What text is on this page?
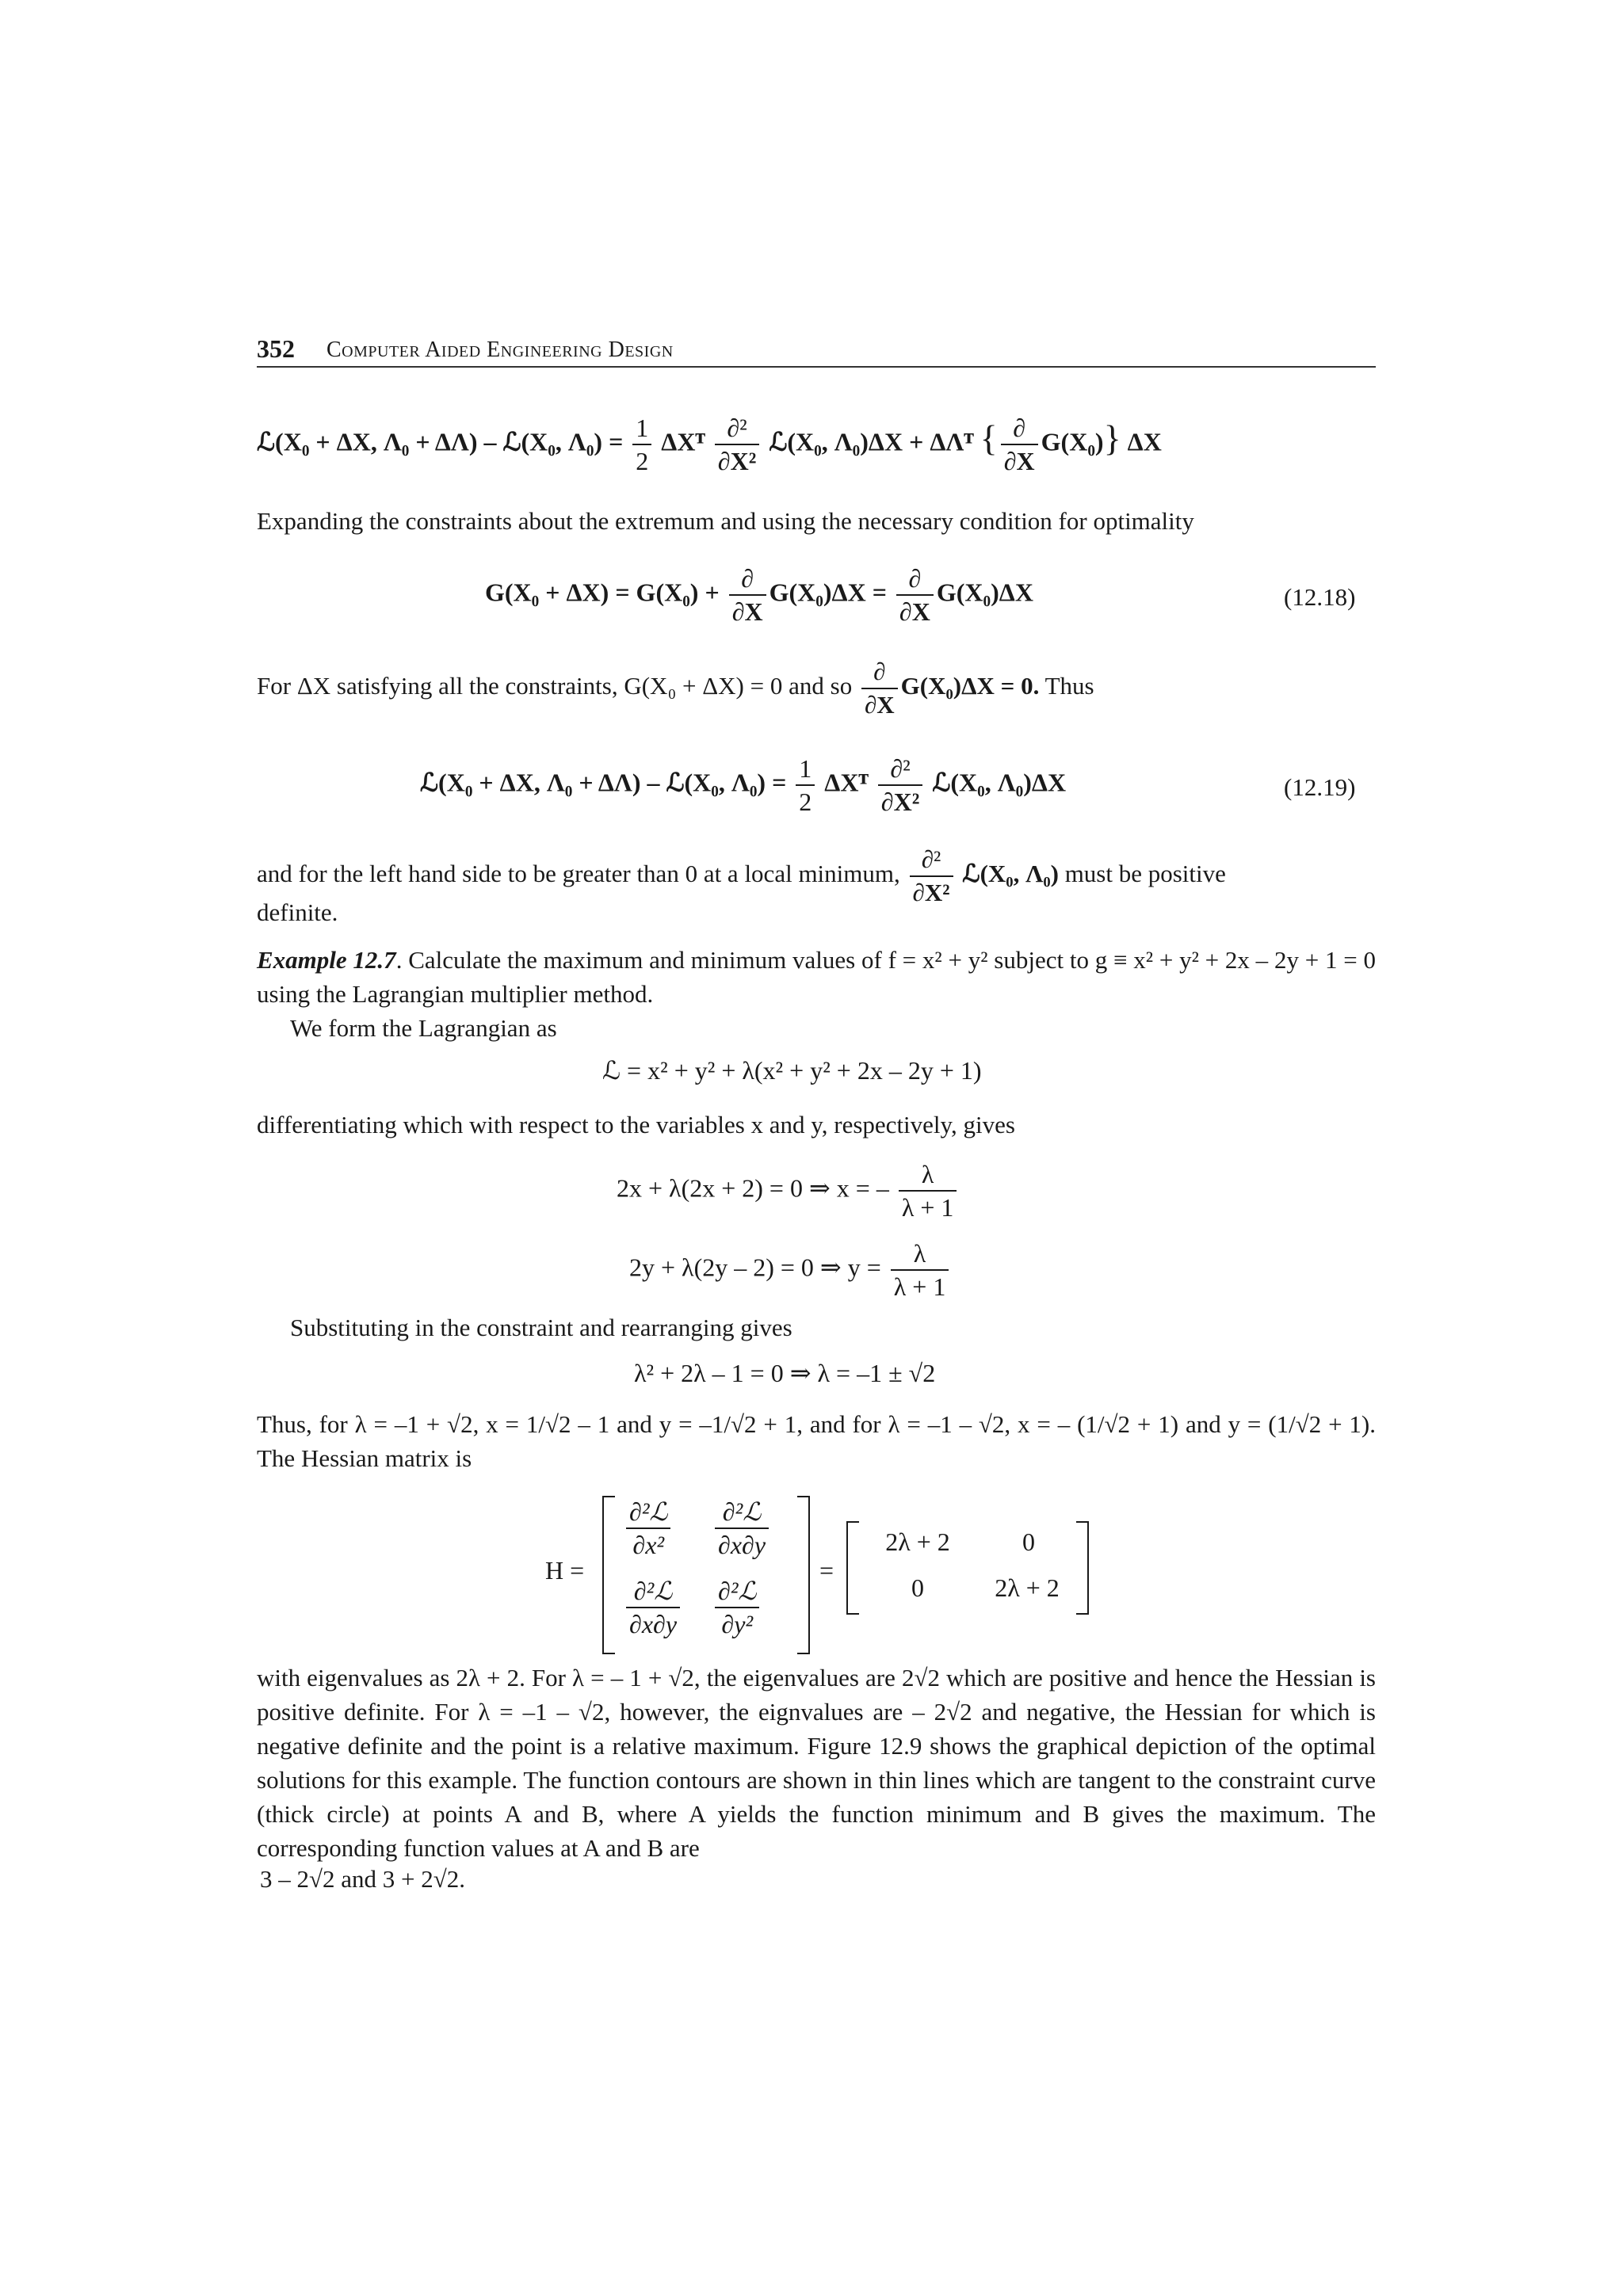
352 Computer Aided Engineering Design
ℒ(X₀ + ΔX, Λ₀ + ΔΛ) – ℒ(X₀, $\Lambda_0) = \frac{1}{2}$ ΔXᵀ $\frac{\text{∂²}}{\text{∂X²}}$ ℒ(X₀, Λ₀)ΔX + ΔΛᵀ { $\frac{\partial}{\partial X} G(X_0)$} ΔX
Expanding the constraints about the extremum and using the necessary condition for optimality
$G(X_0 + \Delta X) = G(X_0) + \frac{\partial}{\partial X} G(X_0)\Delta X = \frac{\partial}{\partial X} G(X_0)\Delta X$	(12.18)
For ΔX satisfying all the constraints, G(X₀ + ΔX) = 0 and so $\frac{\partial}{\partial X} G(X_0)\Delta X = 0$. Thus
ℒ(X₀ + ΔX, Λ₀ + ΔΛ) – ℒ(X₀, $\Lambda_0) = \frac{1}{2}$ ΔXᵀ $\frac{\text{∂²}}{\text{∂X²}}$ ℒ(X₀, Λ₀)ΔX	(12.19)
and for the left hand side to be greater than 0 at a local minimum, $\frac{\text{∂²}}{\text{∂X²}}$ ℒ(X₀, Λ₀) must be positive
definite.
Example 12.7. Calculate the maximum and minimum values of f = x² + y² subject to g ≡ x² + y² + 2x – 2y + 1 = 0 using the Lagrangian multiplier method.
We form the Lagrangian as
ℒ = x² + y² + λ(x² + y² + 2x – 2y + 1)
differentiating which with respect to the variables x and y, respectively, gives
2x + λ(2x + 2) = 0 ⇒ x = – $\frac{\lambda}{\lambda + 1}$
2y + λ(2y – 2) = 0 ⇒ $y = \frac{\lambda}{\lambda + 1}$
Substituting in the constraint and rearranging gives
λ² + 2λ – 1 = 0 ⇒ λ = –1 ± √2
Thus, for λ = –1 + √2, x = 1/√2 – 1 and y = –1/√2 + 1, and for λ = –1 – √2, x = – (1/√2 + 1) and y = (1/√2 + 1). The Hessian matrix is
H =
$\frac{\text{∂²ℒ}}{\text{∂x²}} \frac{\text{∂²ℒ}}{\partial x\partial y}$
$\frac{\text{∂²ℒ}}{\partial x\partial y} \frac{\text{∂²ℒ}}{\text{∂y²}}$
=
2λ + 2	0
0	2λ + 2
with eigenvalues as 2λ + 2. For λ = – 1 + √2, the eigenvalues are 2√2 which are positive and hence the Hessian is positive definite. For λ = –1 – √2, however, the eignvalues are – 2√2 and negative, the Hessian for which is negative definite and the point is a relative maximum. Figure 12.9 shows the graphical depiction of the optimal solutions for this example. The function contours are shown in thin lines which are tangent to the constraint curve (thick circle) at points A and B, where A yields the function minimum and B gives the maximum. The corresponding function values at A and B are
3 – 2√2 and 3 + 2√2.
